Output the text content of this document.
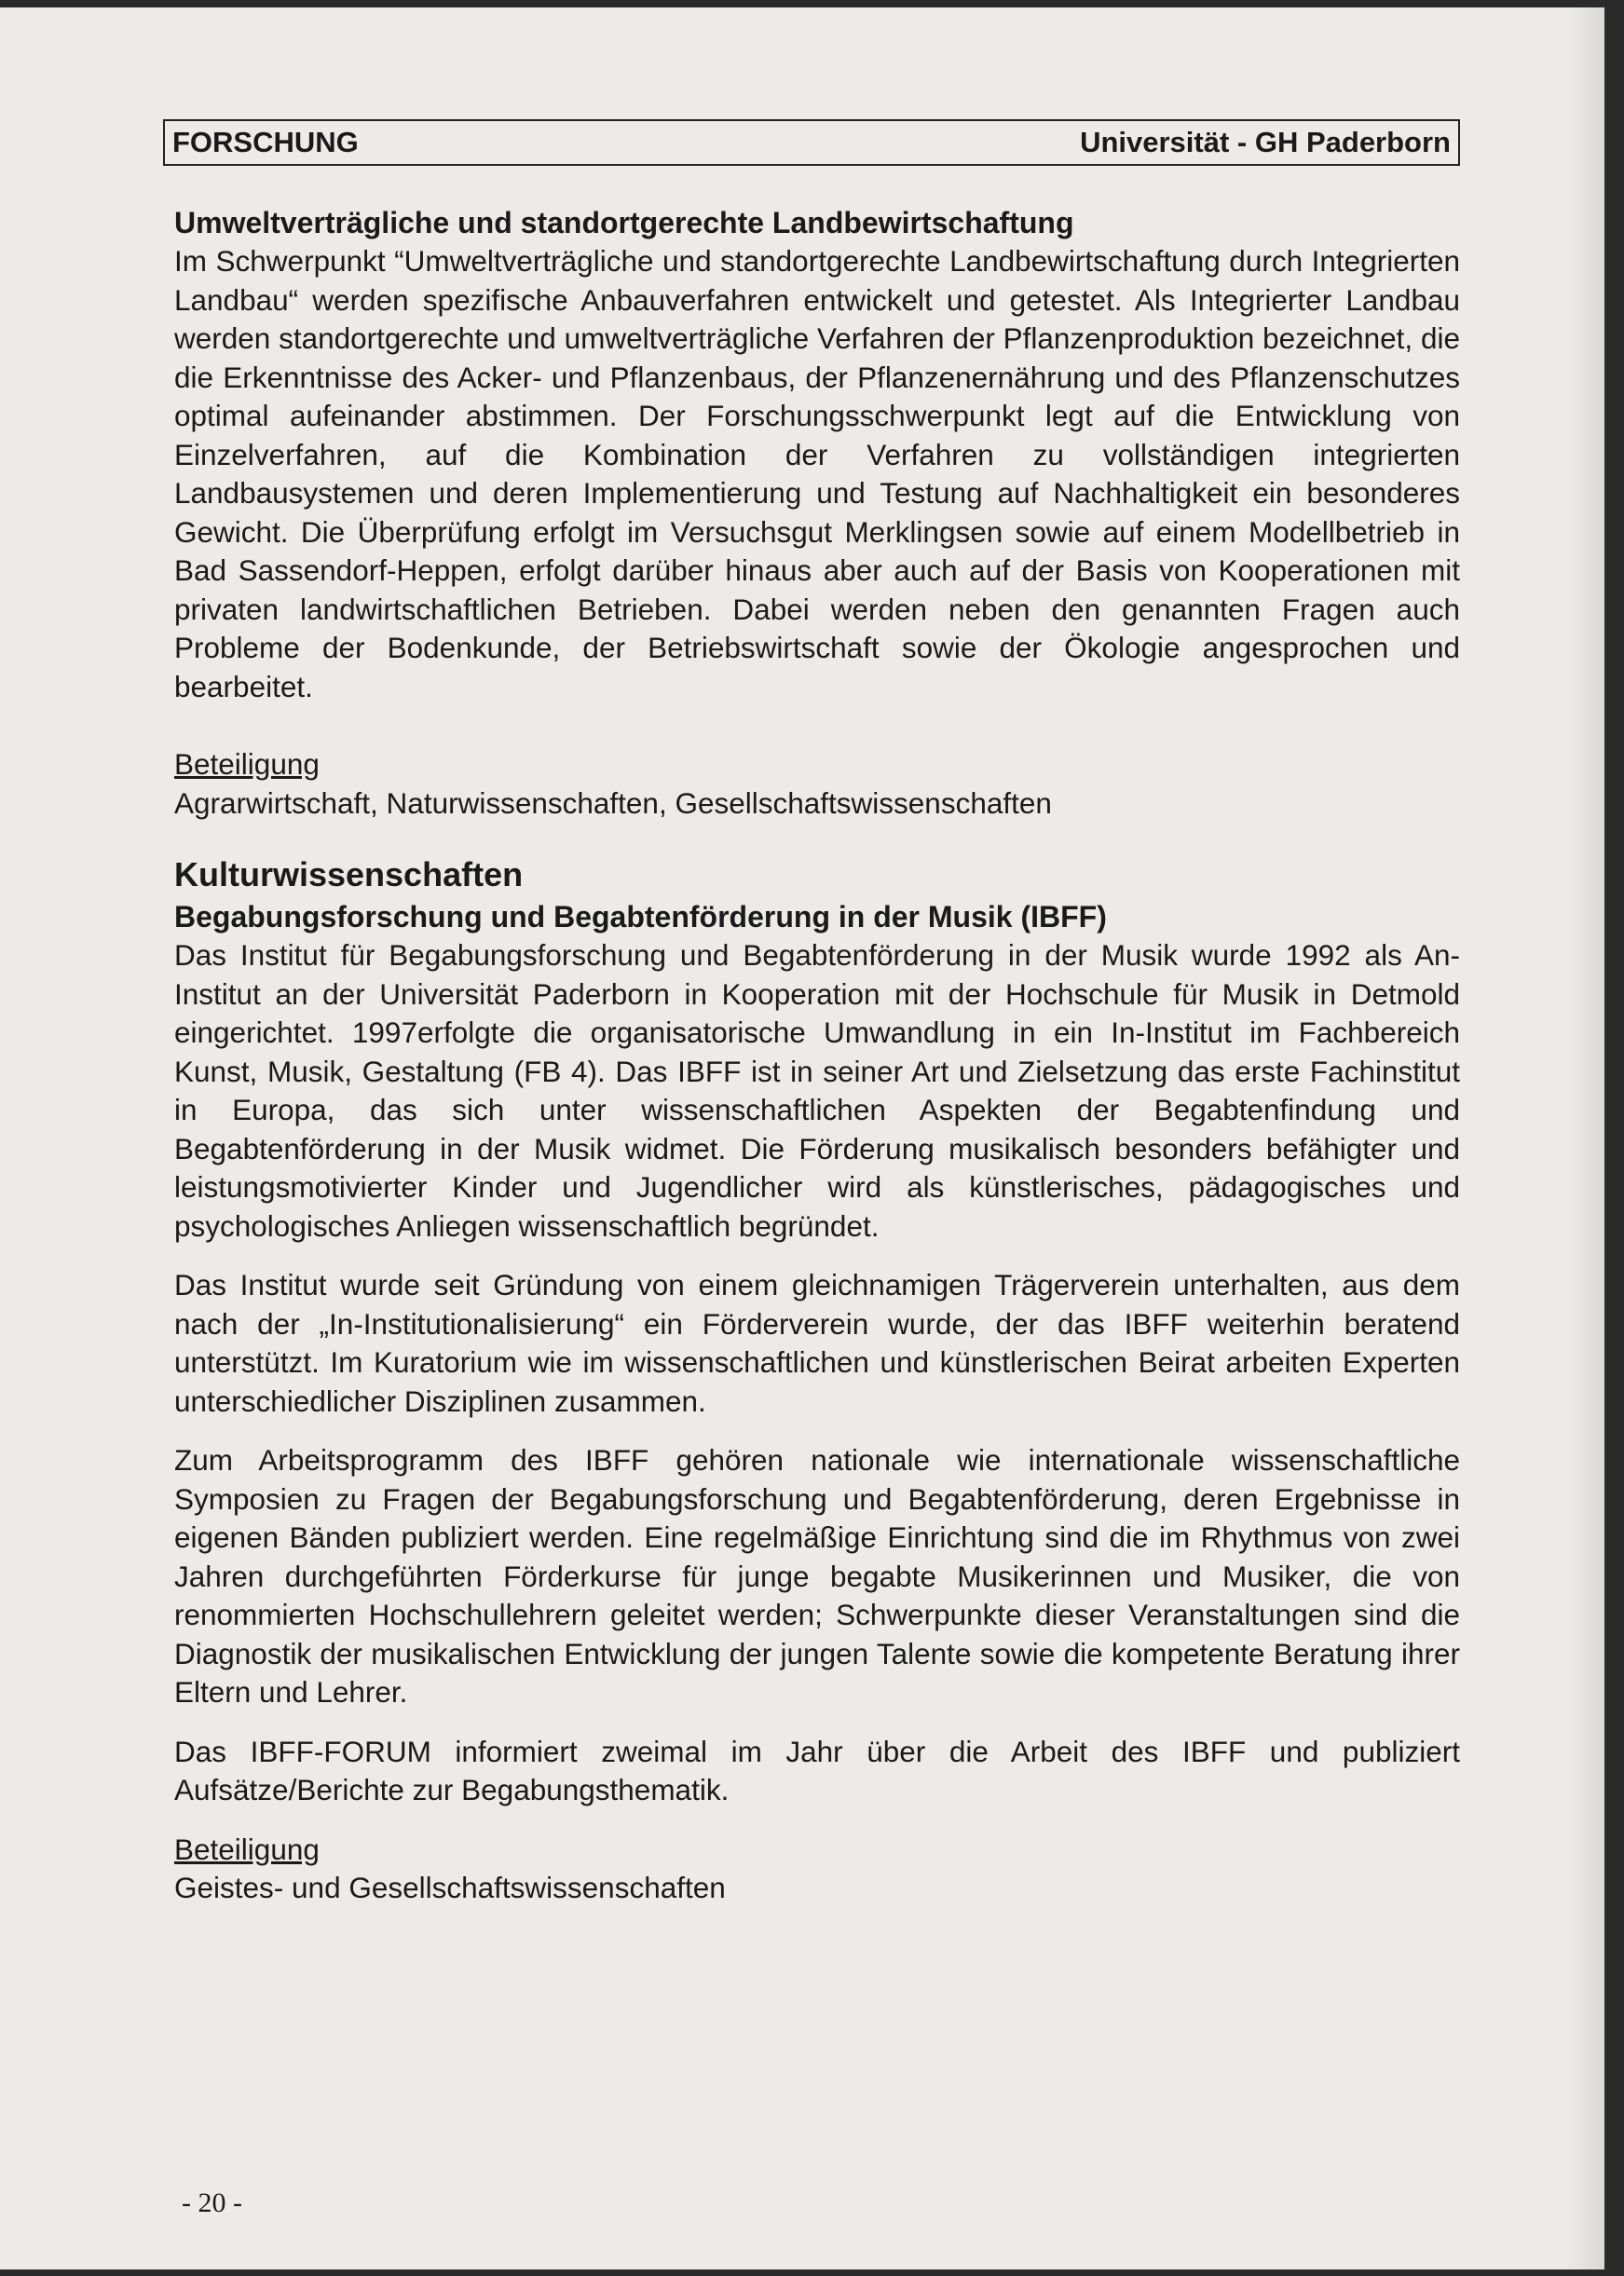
FORSCHUNG	Universität - GH Paderborn
Umweltverträgliche und standortgerechte Landbewirtschaftung

Im Schwerpunkt “Umweltverträgliche und standortgerechte Landbewirtschaftung durch Integrierten Landbau“ werden spezifische Anbauverfahren entwickelt und getestet. Als Integrierter Landbau werden standortgerechte und umweltverträgliche Verfahren der Pflanzenproduktion bezeichnet, die die Erkenntnisse des Acker- und Pflanzenbaus, der Pflanzenernährung und des Pflanzenschutzes optimal aufeinander abstimmen. Der Forschungsschwerpunkt legt auf die Entwicklung von Einzelverfahren, auf die Kombination der Verfahren zu vollständigen integrierten Landbausystemen und deren Implementierung und Testung auf Nachhaltigkeit ein besonderes Gewicht. Die Überprüfung erfolgt im Versuchsgut Merklingsen sowie auf einem Modellbetrieb in Bad Sassendorf-Heppen, erfolgt darüber hinaus aber auch auf der Basis von Kooperationen mit privaten landwirtschaftlichen Betrieben. Dabei werden neben den genannten Fragen auch Probleme der Bodenkunde, der Betriebswirtschaft sowie der Ökologie angesprochen und bearbeitet.

Beteiligung
Agrarwirtschaft, Naturwissenschaften, Gesellschaftswissenschaften
Kulturwissenschaften
Begabungsforschung und Begabtenförderung in der Musik (IBFF)

Das Institut für Begabungsforschung und Begabtenförderung in der Musik wurde 1992 als An-Institut an der Universität Paderborn in Kooperation mit der Hochschule für Musik in Detmold eingerichtet. 1997erfolgte die organisatorische Umwandlung in ein In-Institut im Fachbereich Kunst, Musik, Gestaltung (FB 4). Das IBFF ist in seiner Art und Zielsetzung das erste Fachinstitut in Europa, das sich unter wissenschaftlichen Aspekten der Begabtenfindung und Begabtenförderung in der Musik widmet. Die Förderung musikalisch besonders befähigter und leistungsmotivierter Kinder und Jugendlicher wird als künstlerisches, pädagogisches und psychologisches Anliegen wissenschaftlich begründet.

Das Institut wurde seit Gründung von einem gleichnamigen Trägerverein unterhalten, aus dem nach der „In-Institutionalisierung“ ein Förderverein wurde, der das IBFF weiterhin beratend unterstützt. Im Kuratorium wie im wissenschaftlichen und künstlerischen Beirat arbeiten Experten unterschiedlicher Disziplinen zusammen.

Zum Arbeitsprogramm des IBFF gehören nationale wie internationale wissenschaftliche Symposien zu Fragen der Begabungsforschung und Begabtenförderung, deren Ergebnisse in eigenen Bänden publiziert werden. Eine regelmäßige Einrichtung sind die im Rhythmus von zwei Jahren durchgeführten Förderkurse für junge begabte Musikerinnen und Musiker, die von renommierten Hochschullehrern geleitet werden; Schwerpunkte dieser Veranstaltungen sind die Diagnostik der musikalischen Entwicklung der jungen Talente sowie die kompetente Beratung ihrer Eltern und Lehrer.

Das IBFF-FORUM informiert zweimal im Jahr über die Arbeit des IBFF und publiziert Aufsätze/Berichte zur Begabungsthematik.

Beteiligung
Geistes- und Gesellschaftswissenschaften
- 20 -
